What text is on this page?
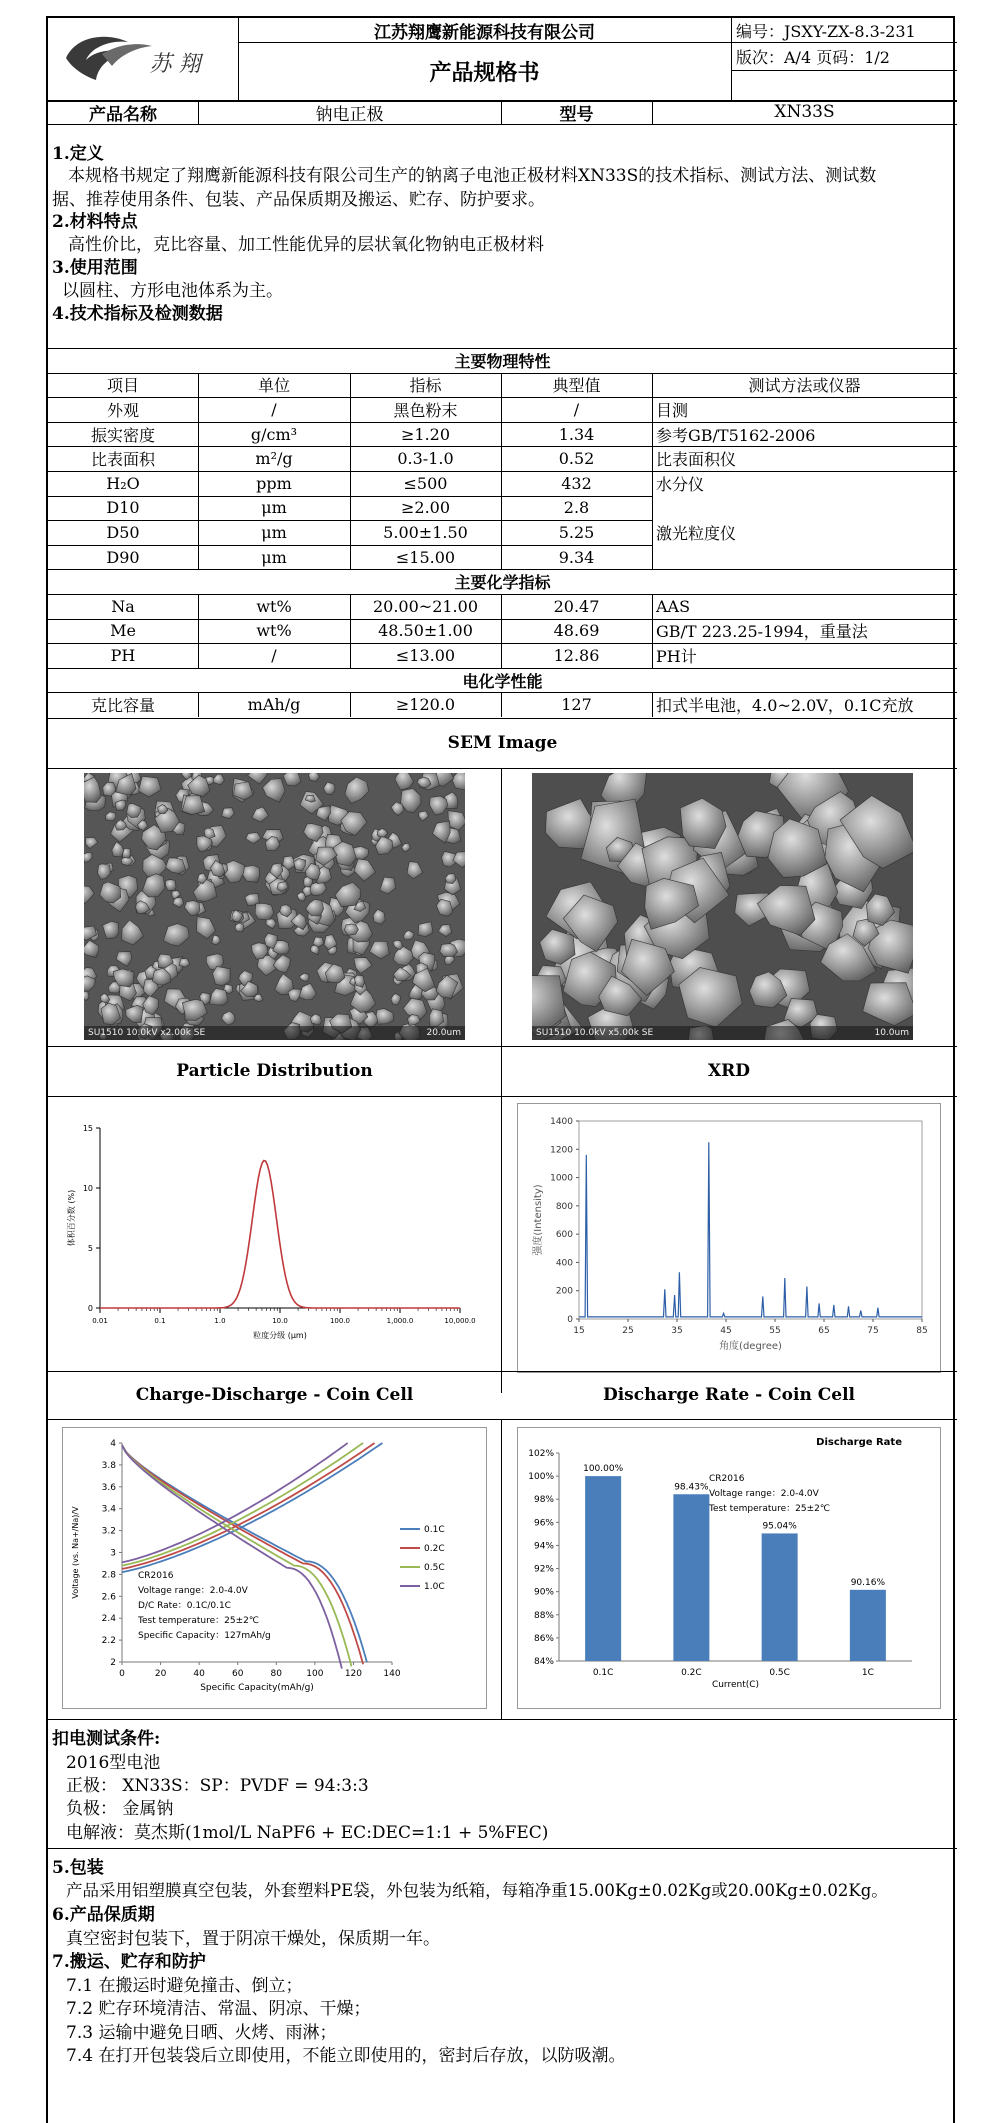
苏 翔
江苏翔鹰新能源科技有限公司
产品规格书
编号：JSXY-ZX-8.3-231
版次：A/4 页码：1/2
产品名称	钠电正极	型号	XN33S
1.定义
本规格书规定了翔鹰新能源科技有限公司生产的钠离子电池正极材料XN33S的技术指标、测试方法、测试数
据、推荐使用条件、包装、产品保质期及搬运、贮存、防护要求。
2.材料特点
高性价比，克比容量、加工性能优异的层状氧化物钠电正极材料
3.使用范围
以圆柱、方形电池体系为主。
4.技术指标及检测数据
SEM Image
SU1510 10.0kV x2.00k SE	20.0um	SU1510 10.0kV x5.00k SE	10.0um
Particle Distribution	XRD
0
5
10
15
0.01	0.1	1.0	10.0	100.0	1,000.0	10,000.0
粒度分级 (μm)
体积百分数 (%)
0
200
400
600
800
1000
1200
1400
15	25	35	45	55	65	75	85
角度(degree)
强度(Intensity)
Charge-Discharge - Coin Cell	Discharge Rate - Coin Cell
2
2.2
2.4
2.6
2.8
3
3.2
3.4
3.6
3.8
4
0	20	40	60	80	100 120 140
Specific Capacity(mAh/g)
Voltage (vs. Na+/Na)/V	0.1C
0.2C
0.5C
1.0C
CR2016
Voltage range：2.0-4.0V
D/C Rate：0.1C/0.1C
Test temperature：25±2℃
Specific Capacity：127mAh/g
Discharge Rate
84%
86%
88%
90%
92%
94%
96%
98%
100%
102%
100.00%
0.1C
98.43%
0.2C
95.04%
0.5C
90.16%
1C
Current(C)
CR2016
Voltage range：2.0-4.0V
Test temperature：25±2℃
扣电测试条件:
2016型电池
正极： XN33S：SP：PVDF = 94:3:3
负极： 金属钠
电解液：莫杰斯(1mol/L NaPF6 + EC:DEC=1:1 + 5%FEC)
5.包装
产品采用铝塑膜真空包装，外套塑料PE袋，外包装为纸箱，每箱净重15.00Kg±0.02Kg或20.00Kg±0.02Kg。
6.产品保质期
真空密封包装下，置于阴凉干燥处，保质期一年。
7.搬运、贮存和防护
7.1 在搬运时避免撞击、倒立；
7.2 贮存环境清洁、常温、阴凉、干燥；
7.3 运输中避免日晒、火烤、雨淋；
7.4 在打开包装袋后立即使用，不能立即使用的，密封后存放，以防吸潮。
主要物理特性
项目	单位	指标	典型值	测试方法或仪器
外观	/	黑色粉末	/	目测
振实密度	g/cm³	≥1.20	1.34	参考GB/T5162-2006
比表面积	m²/g	0.3-1.0	0.52	比表面积仪
H₂O	ppm	≤500	432	水分仪
D10	μm	≥2.00	2.8
D50	μm	5.00±1.50	5.25
D90	μm	≤15.00	9.34
激光粒度仪
主要化学指标
Na	wt%	20.00~21.00	20.47	AAS
Me	wt%	48.50±1.00	48.69	GB/T 223.25-1994，重量法
PH	/	≤13.00	12.86	PH计
电化学性能
克比容量	mAh/g	≥120.0	127	扣式半电池，4.0~2.0V，0.1C充放
